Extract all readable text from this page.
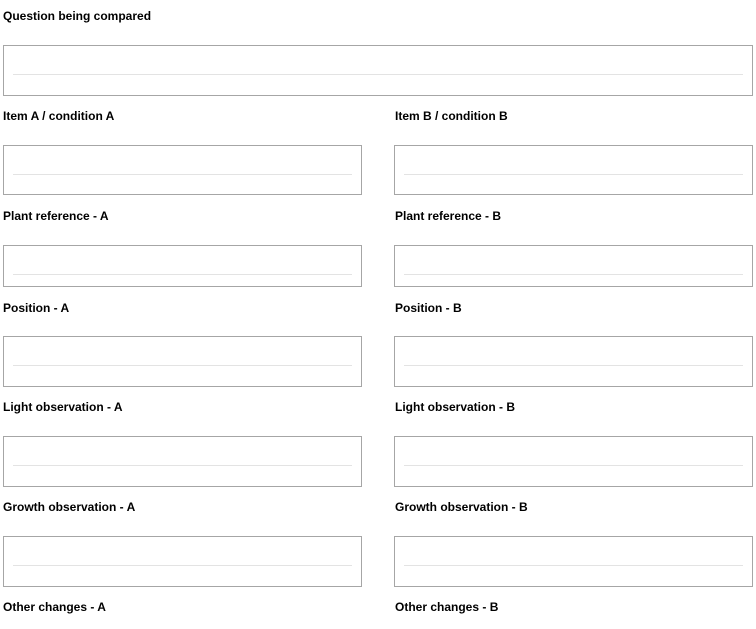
Question being compared
Item A / condition A	Item B / condition B
Plant reference - A	Plant reference - B
Position - A	Position - B
Light observation - A	Light observation - B
Growth observation - A	Growth observation - B
Other changes - A	Other changes - B
